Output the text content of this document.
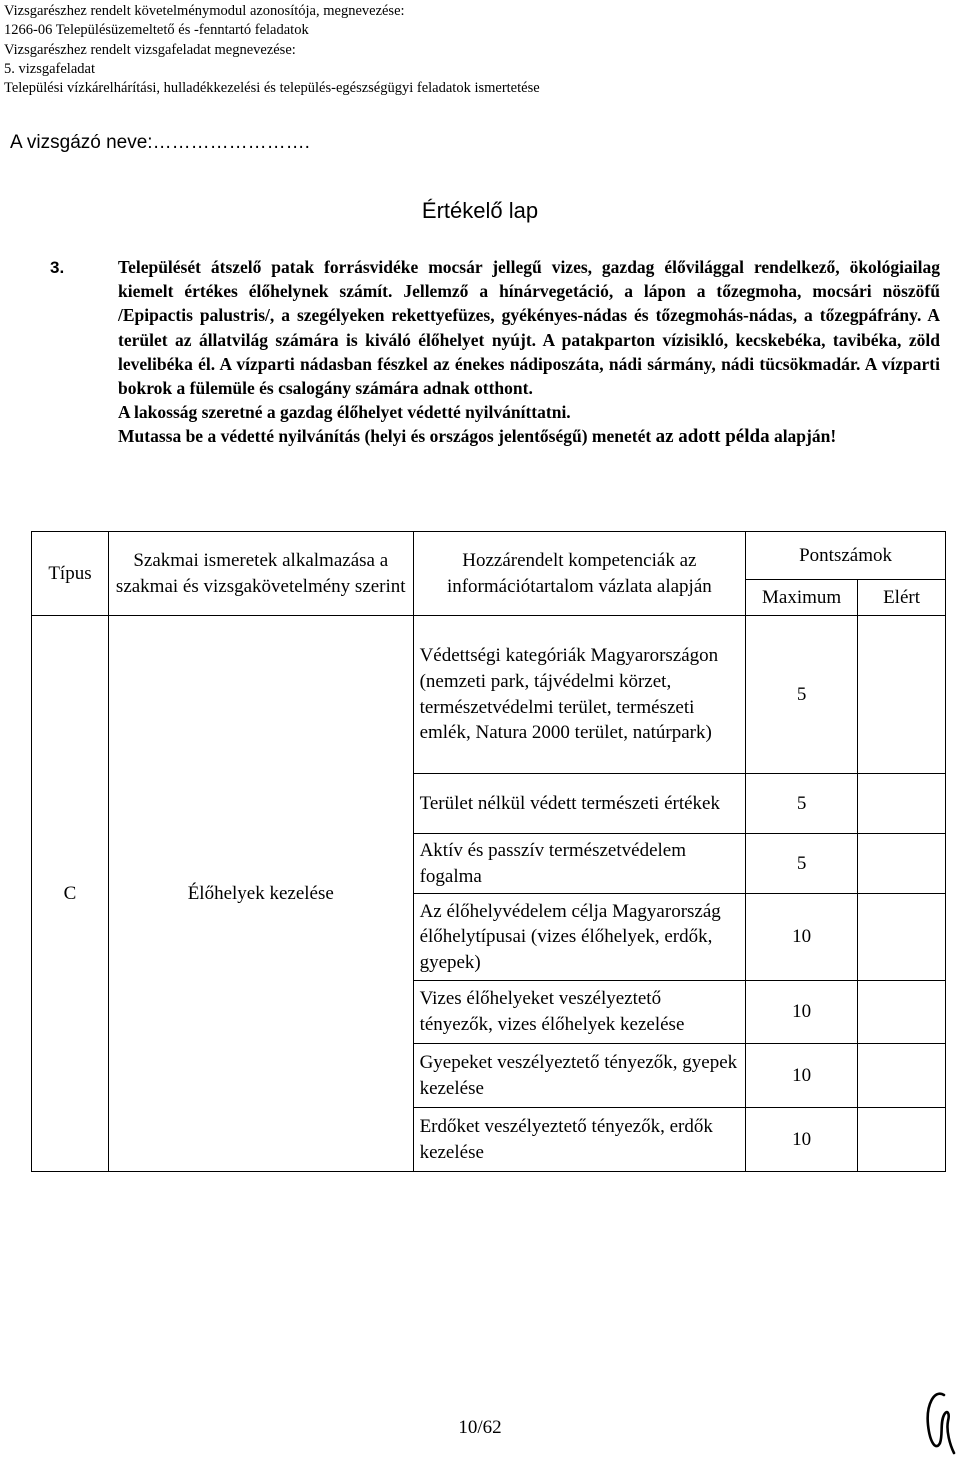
Vizsgarészhez rendelt követelménymodul azonosítója, megnevezése:
1266-06 Településüzemeltető és -fenntartó feladatok
Vizsgarészhez rendelt vizsgafeladat megnevezése:
5. vizsgafeladat
Települési vízkárelhárítási, hulladékkezelési és település-egészségügyi feladatok ismertetése
A vizsgázó neve:…………………….
Értékelő lap
3.	Települését átszelő patak forrásvidéke mocsár jellegű vizes, gazdag élővilággal rendelkező, ökológiailag kiemelt értékes élőhelynek számít. Jellemző a hínárvegetáció, a lápon a tőzegmoha, mocsári nöszöfű /Epipactis palustris/, a szegélyeken rekettyefüzes, gyékényes-nádas és tőzegmohás-nádas, a tőzegpáfrány. A terület az állatvilág számára is kiváló élőhelyet nyújt. A patakparton vízisikló, kecskebéka, tavibéka, zöld levelibéka él. A vízparti nádasban fészkel az énekes nádiposzáta, nádi sármány, nádi tücsökmadár. A vízparti bokrok a fülemüle és csalogány számára adnak otthont.
A lakosság szeretné a gazdag élőhelyet védetté nyilváníttatni.
Mutassa be a védetté nyilvánítás (helyi és országos jelentőségű) menetét az adott példa alapján!
Típus	Szakmai ismeretek alkalmazása a szakmai és vizsgakövetelmény szerint	Hozzárendelt kompetenciák az információtartalom vázlata alapján	Pontszámok	
			Maximum	Elért
C	Élőhelyek kezelése	Védettségi kategóriák Magyarországon (nemzeti park, tájvédelmi körzet, természetvédelmi terület, természeti emlék, Natura 2000 terület, natúrpark)	5	
		Terület nélkül védett természeti értékek	5	
		Aktív és passzív természetvédelem fogalma	5	
		Az élőhelyvédelem célja Magyarország élőhelytípusai (vizes élőhelyek, erdők, gyepek)	10	
		Vizes élőhelyeket veszélyeztető tényezők, vizes élőhelyek kezelése	10	
		Gyepeket veszélyeztető tényezők, gyepek kezelése	10	
		Erdőket veszélyeztető tényezők, erdők kezelése	10	
10/62
